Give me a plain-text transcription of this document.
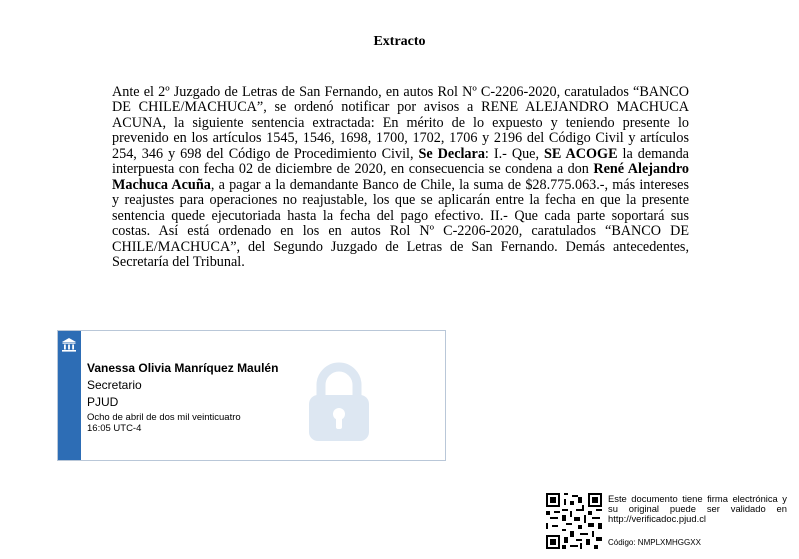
Extracto

Ante el 2º Juzgado de Letras de San Fernando, en autos Rol Nº C-2206-2020, caratulados “BANCO DE CHILE/MACHUCA”, se ordenó notificar por avisos a RENE ALEJANDRO MACHUCA ACUNA, la siguiente sentencia extractada: En mérito de lo expuesto y teniendo presente lo prevenido en los artículos 1545, 1546, 1698, 1700, 1702, 1706 y 2196 del Código Civil y artículos 254, 346 y 698 del Código de Procedimiento Civil, Se Declara: I.- Que, SE ACOGE la demanda interpuesta con fecha 02 de diciembre de 2020, en consecuencia se condena a don René Alejandro Machuca Acuña, a pagar a la demandante Banco de Chile, la suma de $28.775.063.-, más intereses y reajustes para operaciones no reajustable, los que se aplicarán entre la fecha en que la presente sentencia quede ejecutoriada hasta la fecha del pago efectivo. II.- Que cada parte soportará sus costas. Así está ordenado en los en autos Rol Nº C-2206-2020, caratulados “BANCO DE CHILE/MACHUCA”, del Segundo Juzgado de Letras de San Fernando. Demás antecedentes, Secretaría del Tribunal.

Vanessa Olivia Manríquez Maulén
Secretario
PJUD
Ocho de abril de dos mil veinticuatro
16:05 UTC-4

Este documento tiene firma electrónica y su original puede ser validado en http://verificadoc.pjud.cl

Código: NMPLXMHGGXX
